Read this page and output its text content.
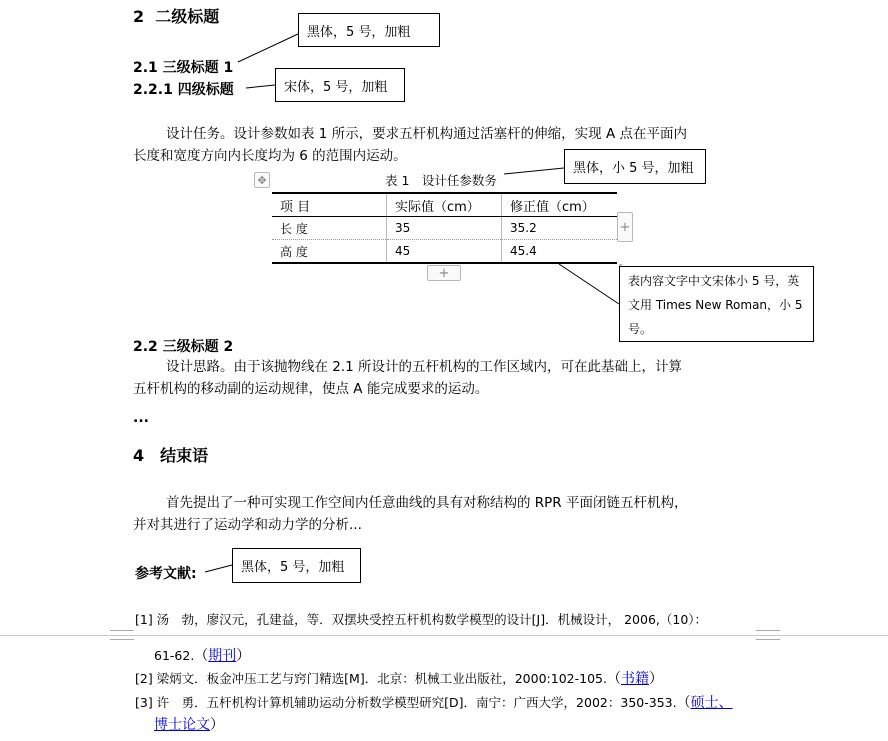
2 二级标题
2.1 三级标题 1
2.2.1 四级标题
设计任务。设计参数如表 1 所示，要求五杆机构通过活塞杆的伸缩，实现 A 点在平面内
长度和宽度方向内长度均为 6 的范围内运动。
表 1　设计任参数务
✥
项 目	实际值（cm）	修正值（cm）
长 度	35	35.2
高 度	45	45.4
+
+
2.2 三级标题 2
设计思路。由于该抛物线在 2.1 所设计的五杆机构的工作区域内，可在此基础上，计算
五杆机构的移动副的运动规律，使点 A 能完成要求的运动。
...
4　结束语
首先提出了一种可实现工作空间内任意曲线的具有对称结构的 RPR 平面闭链五杆机构，
并对其进行了运动学和动力学的分析...
参考文献:
[1] 汤　勃，廖汉元，孔建益，等．双摆块受控五杆机构数学模型的设计[J]．机械设计， 2006,（10）：
61-62.（期刊）
[2] 梁炳文．板金冲压工艺与窍门精选[M]．北京：机械工业出版社，2000:102-105.（书籍）
[3] 许　勇．五杆机构计算机辅助运动分析数学模型研究[D]．南宁：广西大学，2002：350-353.（硕士、
博士论文）
黑体，5 号，加粗
宋体，5 号，加粗
黑体，小 5 号，加粗
表内容文字中文宋体小 5 号，英文用 Times New Roman，小 5 号。
黑体，5 号，加粗
